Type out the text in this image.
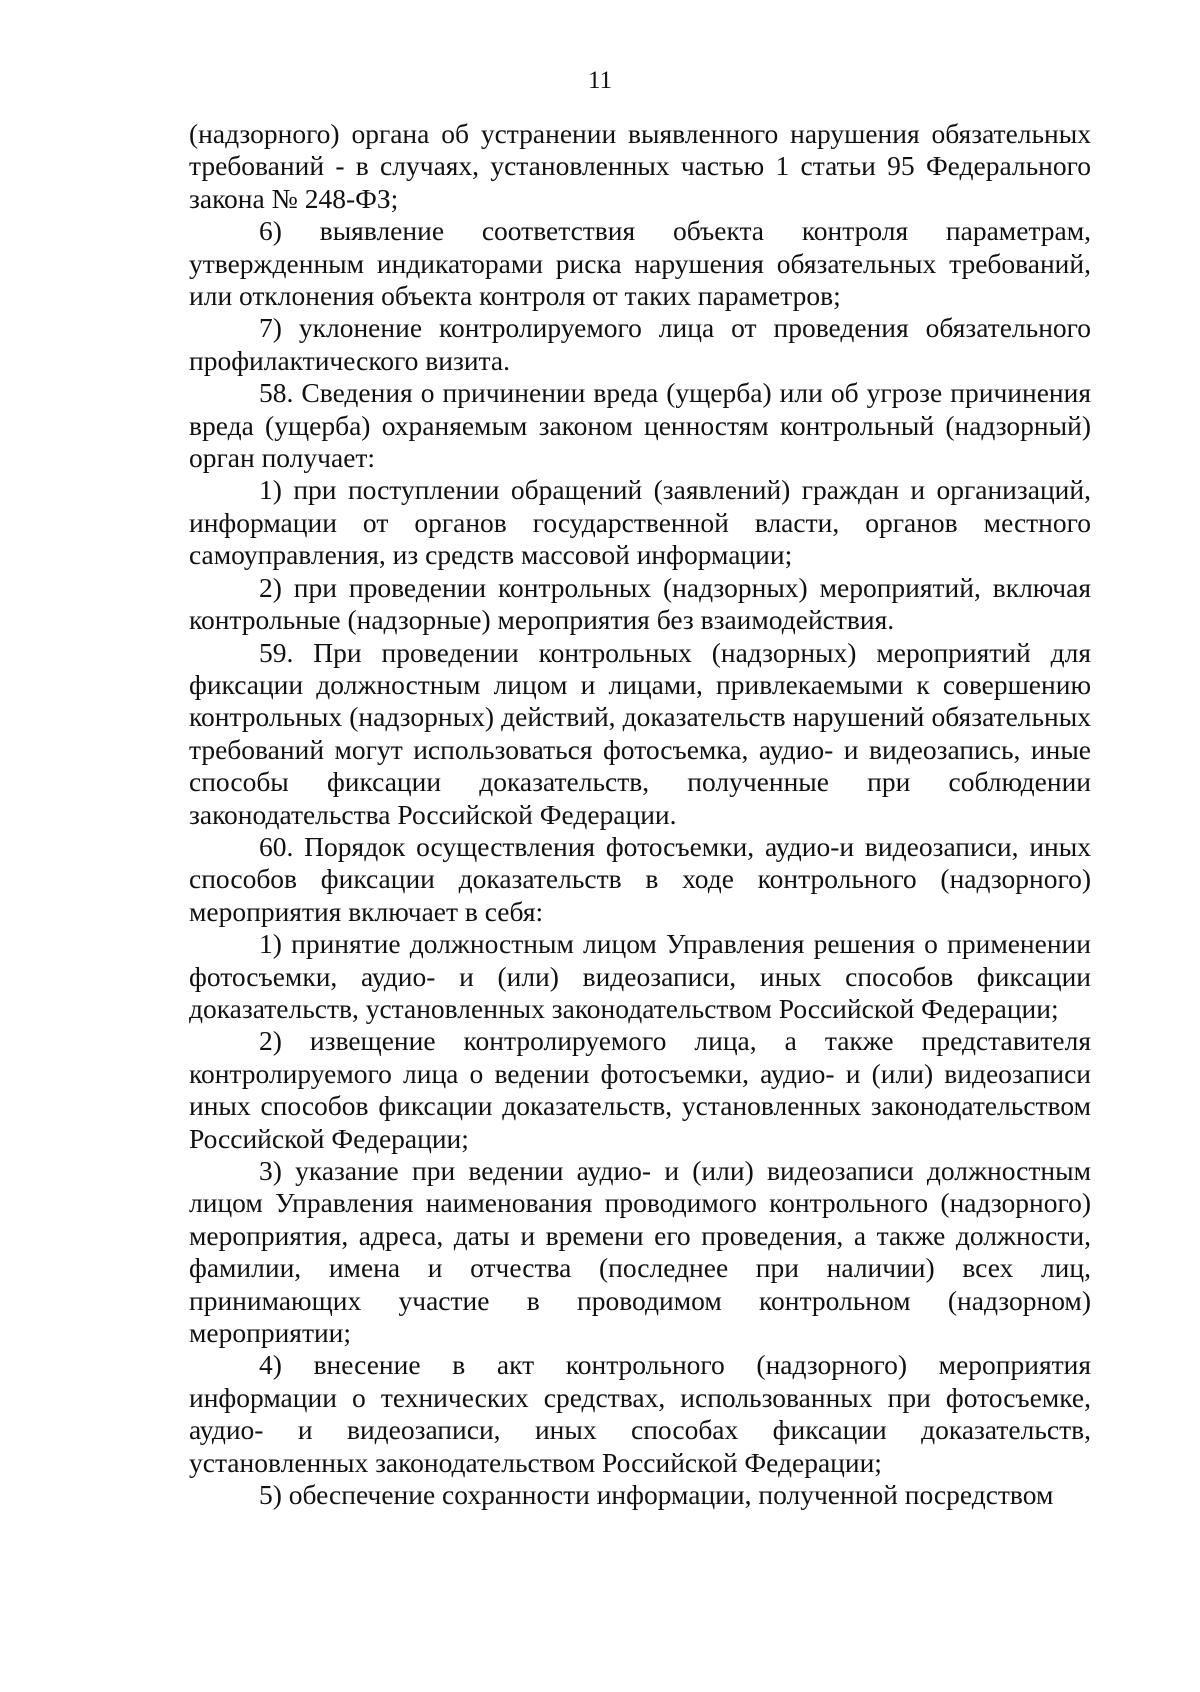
11

(надзорного) органа об устранении выявленного нарушения обязательных требований - в случаях, установленных частью 1 статьи 95 Федерального закона № 248-ФЗ;

6) выявление соответствия объекта контроля параметрам, утвержденным индикаторами риска нарушения обязательных требований, или отклонения объекта контроля от таких параметров;

7) уклонение контролируемого лица от проведения обязательного профилактического визита.

58. Сведения о причинении вреда (ущерба) или об угрозе причинения вреда (ущерба) охраняемым законом ценностям контрольный (надзорный) орган получает:

1) при поступлении обращений (заявлений) граждан и организаций, информации от органов государственной власти, органов местного самоуправления, из средств массовой информации;

2) при проведении контрольных (надзорных) мероприятий, включая контрольные (надзорные) мероприятия без взаимодействия.

59. При проведении контрольных (надзорных) мероприятий для фиксации должностным лицом и лицами, привлекаемыми к совершению контрольных (надзорных) действий, доказательств нарушений обязательных требований могут использоваться фотосъемка, аудио- и видеозапись, иные способы фиксации доказательств, полученные при соблюдении законодательства Российской Федерации.

60. Порядок осуществления фотосъемки, аудио-и видеозаписи, иных способов фиксации доказательств в ходе контрольного (надзорного) мероприятия включает в себя:

1) принятие должностным лицом Управления решения о применении фотосъемки, аудио- и (или) видеозаписи, иных способов фиксации доказательств, установленных законодательством Российской Федерации;

2) извещение контролируемого лица, а также представителя контролируемого лица о ведении фотосъемки, аудио- и (или) видеозаписи иных способов фиксации доказательств, установленных законодательством Российской Федерации;

3) указание при ведении аудио- и (или) видеозаписи должностным лицом Управления наименования проводимого контрольного (надзорного) мероприятия, адреса, даты и времени его проведения, а также должности, фамилии, имена и отчества (последнее при наличии) всех лиц, принимающих участие в проводимом контрольном (надзорном) мероприятии;

4) внесение в акт контрольного (надзорного) мероприятия информации о технических средствах, использованных при фотосъемке, аудио- и видеозаписи, иных способах фиксации доказательств, установленных законодательством Российской Федерации;

5) обеспечение сохранности информации, полученной посредством
